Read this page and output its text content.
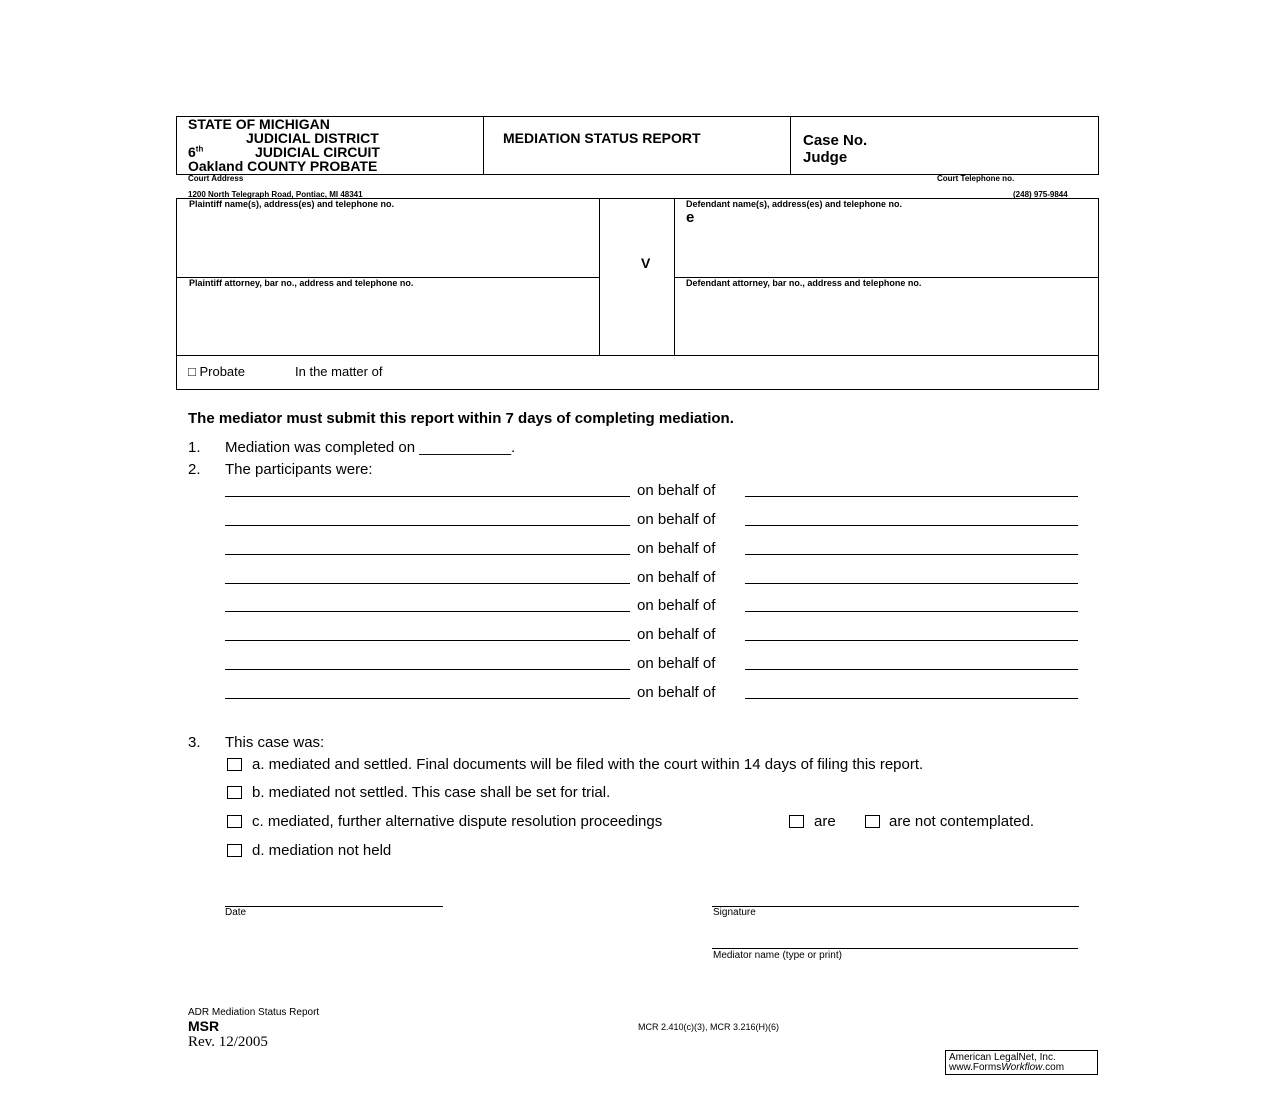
STATE OF MICHIGAN
JUDICIAL DISTRICT
6th	JUDICIAL CIRCUIT
Oakland COUNTY PROBATE
MEDIATION STATUS REPORT	Case No.
Judge
Court Address	Court Telephone no.
1200 North Telegraph Road, Pontiac, MI 48341	(248) 975-9844
Plaintiff name(s), address(es) and telephone no.
Plaintiff attorney, bar no., address and telephone no.
V
Defendant name(s), address(es) and telephone no.
e
Defendant attorney, bar no., address and telephone no.
□ Probate	In the matter of
The mediator must submit this report within 7 days of completing mediation.
1. Mediation was completed on ___________.
2. The participants were:
on behalf of
on behalf of
on behalf of
on behalf of
on behalf of
on behalf of
on behalf of
on behalf of
3. This case was:
a. mediated and settled. Final documents will be filed with the court within 14 days of filing this report.
b. mediated not settled. This case shall be set for trial.
c. mediated, further alternative dispute resolution proceedings	are	are not contemplated.
d. mediation not held
Date	Signature
Mediator name (type or print)
ADR Mediation Status Report
MSR
Rev. 12/2005
MCR 2.410(c)(3), MCR 3.216(H)(6)
American LegalNet, Inc.
www.FormsWorkflow.com
